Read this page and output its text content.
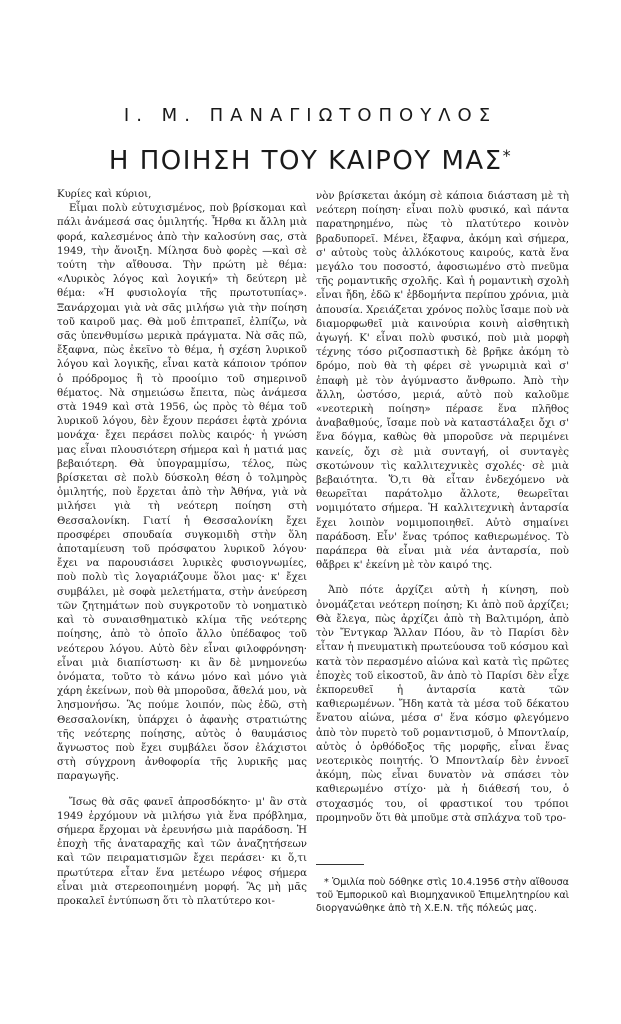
Ι. Μ. ΠΑΝΑΓΙΩΤΟΠΟΥΛΟΣ
Η ΠΟΙΗΣΗ ΤΟΥ ΚΑΙΡΟΥ ΜΑΣ*

Κυρίες καὶ κύριοι,

Εἶμαι πολὺ εὐτυχισμένος, ποὺ βρίσκομαι καὶ πάλι ἀνάμεσά σας ὁμιλητής. Ἦρθα κι ἄλλη μιὰ φορά, καλεσμένος ἀπὸ τὴν καλοσύνη σας, στὰ 1949, τὴν ἄνοιξη. Μίλησα δυὸ φορὲς —καὶ σὲ τούτη τὴν αἴθουσα. Τὴν πρώτη μὲ θέμα: «Λυρικὸς λόγος καὶ λογική» τὴ δεύτερη μὲ θέμα: «Ἡ φυσιολογία τῆς πρωτοτυπίας». Ξανάρχομαι γιὰ νὰ σᾶς μιλήσω γιὰ τὴν ποίηση τοῦ καιροῦ μας. Θὰ μοῦ ἐπιτραπεῖ, ἐλπίζω, νὰ σᾶς ὑπενθυμίσω μερικὰ πράγματα. Νὰ σᾶς πῶ, ἔξαφνα, πὼς ἐκεῖνο τὸ θέμα, ἡ σχέση λυρικοῦ λόγου καὶ λογικῆς, εἶναι κατὰ κάποιον τρόπον ὁ πρόδρομος ἢ τὸ προοίμιο τοῦ σημερινοῦ θέματος. Νὰ σημειώσω ἔπειτα, πὼς ἀνάμεσα στὰ 1949 καὶ στὰ 1956, ὡς πρὸς τὸ θέμα τοῦ λυρικοῦ λόγου, δὲν ἔχουν περάσει ἑφτὰ χρόνια μονάχα· ἔχει περάσει πολὺς καιρός· ἡ γνώση μας εἶναι πλουσιότερη σήμερα καὶ ἡ ματιά μας βεβαιότερη. Θὰ ὑπογραμμίσω, τέλος, πὼς βρίσκεται σὲ πολὺ δύσκολη θέση ὁ τολμηρὸς ὁμιλητής, ποὺ ἔρχεται ἀπὸ τὴν Ἀθήνα, γιὰ νὰ μιλήσει γιὰ τὴ νεότερη ποίηση στὴ Θεσσαλονίκη. Γιατί ἡ Θεσσαλονίκη ἔχει προσφέρει σπουδαία συγκομιδὴ στὴν ὅλη ἀποταμίευση τοῦ πρόσφατου λυρικοῦ λόγου· ἔχει να παρουσιάσει λυρικὲς φυσιογνωμίες, ποὺ πολὺ τὶς λογαριάζουμε ὅλοι μας· κ' ἔχει συμβάλει, μὲ σοφὰ μελετήματα, στὴν ἀνεύρεση τῶν ζητημάτων ποὺ συγκροτοῦν τὸ νοηματικὸ καὶ τὸ συναισθηματικὸ κλίμα τῆς νεότερης ποίησης, ἀπὸ τὸ ὁποῖο ἄλλο ὑπέδαφος τοῦ νεότερου λόγου. Αὐτὸ δὲν εἶναι φιλοφρόνηση· εἶναι μιὰ διαπίστωση· κι ἂν δὲ μνημονεύω ὀνόματα, τοῦτο τὸ κάνω μόνο καὶ μόνο γιὰ χάρη ἐκείνων, ποὺ θὰ μποροῦσα, ἄθελά μου, νὰ λησμονήσω. Ἂς πούμε λοιπόν, πὼς ἐδῶ, στὴ Θεσσαλονίκη, ὑπάρχει ὁ ἀφανὴς στρατιώτης τῆς νεότερης ποίησης, αὐτὸς ὁ θαυμάσιος ἄγνωστος ποὺ ἔχει συμβάλει ὅσον ἐλάχιστοι στὴ σύγχρονη ἀνθοφορία τῆς λυρικῆς μας παραγωγῆς.

Ἴσως θὰ σᾶς φανεῖ ἀπροσδόκητο· μ' ἂν στὰ 1949 ἐρχόμουν νὰ μιλήσω γιὰ ἕνα πρόβλημα, σήμερα ἔρχομαι νὰ ἐρευνήσω μιὰ παράδοση. Ἡ ἐποχὴ τῆς ἀναταραχῆς καὶ τῶν ἀναζητήσεων καὶ τῶν πειραματισμῶν ἔχει περάσει· κι ὅ,τι πρωτύτερα εἶταν ἕνα μετέωρο νέφος σήμερα εἶναι μιὰ στερεοποιημένη μορφή. Ἂς μὴ μᾶς προκαλεῖ ἐντύπωση ὅτι τὸ πλατύτερο κοι-

νὸν βρίσκεται ἀκόμη σὲ κάποια διάσταση μὲ τὴ νεότερη ποίηση· εἶναι πολὺ φυσικό, καὶ πάντα παρατηρημένο, πὼς τὸ πλατύτερο κοινὸν βραδυπορεῖ. Μένει, ἔξαφνα, ἀκόμη καὶ σήμερα, σ' αὐτοὺς τοὺς ἀλλόκοτους καιρούς, κατὰ ἕνα μεγάλο του ποσοστό, ἀφοσιωμένο στὸ πνεῦμα τῆς ρομαντικῆς σχολῆς. Καὶ ἡ ρομαντικὴ σχολὴ εἶναι ἤδη, ἐδῶ κ' ἑβδομήντα περίπου χρόνια, μιὰ ἀπουσία. Χρειάζεται χρόνος πολὺς ἴσαμε ποὺ νὰ διαμορφωθεῖ μιὰ καινούρια κοινὴ αἰσθητικὴ ἀγωγή. Κ' εἶναι πολὺ φυσικό, ποὺ μιὰ μορφὴ τέχνης τόσο ριζοσπαστικὴ δὲ βρῆκε ἀκόμη τὸ δρόμο, ποὺ θὰ τὴ φέρει σὲ γνωριμιὰ καὶ σ' ἐπαφὴ μὲ τὸν ἀγύμναστο ἄνθρωπο. Ἀπὸ τὴν ἄλλη, ὡστόσο, μεριά, αὐτὸ ποὺ καλοῦμε «νεοτερικὴ ποίηση» πέρασε ἕνα πλῆθος ἀναβαθμούς, ἴσαμε ποὺ νὰ καταστάλαξει ὄχι σ' ἕνα δόγμα, καθὼς θὰ μποροῦσε νὰ περιμένει κανείς, ὄχι σὲ μιὰ συνταγή, οἱ συνταγὲς σκοτώνουν τὶς καλλιτεχνικὲς σχολές· σὲ μιὰ βεβαιότητα. Ὅ,τι θὰ εἶταν ἐνδεχόμενο νὰ θεωρεῖται παράτολμο ἄλλοτε, θεωρεῖται νομιμότατο σήμερα. Ἡ καλλιτεχνικὴ ἀνταρσία ἔχει λοιπὸν νομιμοποιηθεῖ. Αὐτὸ σημαίνει παράδοση. Εἶν' ἕνας τρόπος καθιερωμένος. Τὸ παράπερα θὰ εἶναι μιὰ νέα ἀνταρσία, ποὺ θἄβρει κ' ἐκείνη μὲ τὸν καιρό της.

Ἀπὸ πότε ἀρχίζει αὐτὴ ἡ κίνηση, ποὺ ὀνομάζεται νεότερη ποίηση; Κι ἀπὸ ποῦ ἀρχίζει; Θὰ ἔλεγα, πὼς ἀρχίζει ἀπὸ τὴ Βαλτιμόρη, ἀπὸ τὸν Ἔντγκαρ Ἄλλαν Πόου, ἂν τὸ Παρίσι δὲν εἶταν ἡ πνευματικὴ πρωτεύουσα τοῦ κόσμου καὶ κατὰ τὸν περασμένο αἰώνα καὶ κατὰ τὶς πρῶτες ἐποχὲς τοῦ εἰκοστοῦ, ἂν ἀπὸ τὸ Παρίσι δὲν εἶχε ἐκπορευθεῖ ἡ ἀνταρσία κατὰ τῶν καθιερωμένων. Ἤδη κατὰ τὰ μέσα τοῦ δέκατου ἔνατου αἰώνα, μέσα σ' ἕνα κόσμο φλεγόμενο ἀπὸ τὸν πυρετὸ τοῦ ρομαντισμοῦ, ὁ Μποντλαίρ, αὐτὸς ὁ ὀρθόδοξος τῆς μορφῆς, εἶναι ἕνας νεοτερικὸς ποιητής. Ὁ Μποντλαίρ δὲν ἐννοεῖ ἀκόμη, πὼς εἶναι δυνατὸν νὰ σπάσει τὸν καθιερωμένο στίχο· μὰ ἡ διάθεσή του, ὁ στοχασμός του, οἱ φραστικοί του τρόποι προμηνοῦν ὅτι θὰ μποῦμε στὰ σπλάχνα τοῦ τρο-

* Ὁμιλία ποὺ δόθηκε στὶς 10.4.1956 στὴν αἴθουσα τοῦ Ἐμπορικοῦ καὶ Βιομηχανικοῦ Ἐπιμελητηρίου καὶ διοργανώθηκε ἀπὸ τὴ Χ.Ε.Ν. τῆς πόλεώς μας.
